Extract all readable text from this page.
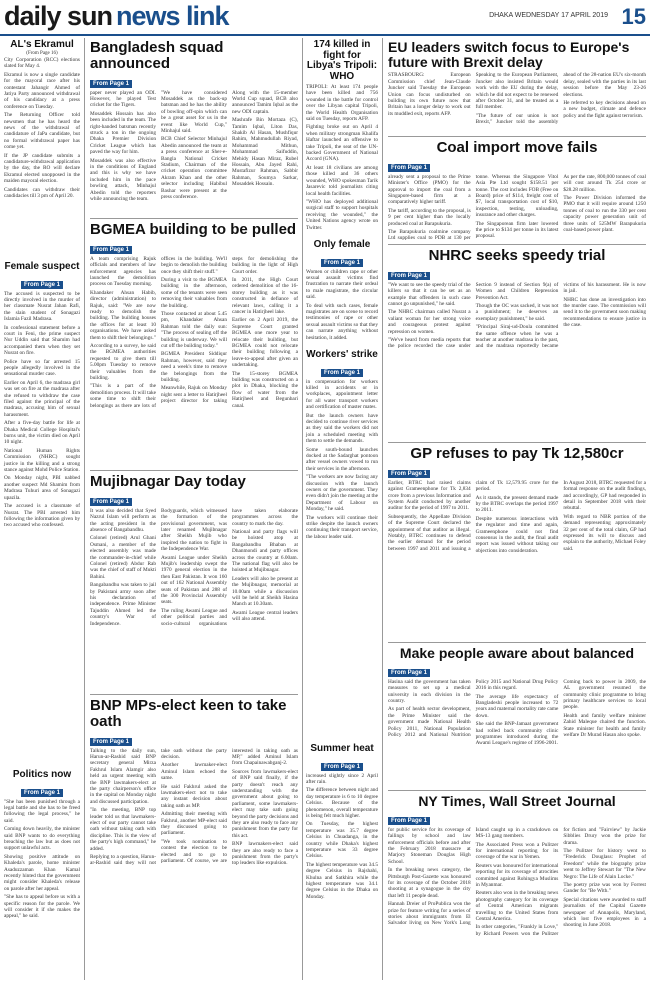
daily sun news link	DHAKA WEDNESDAY 17 APRIL 2019 15
AL's Ekramul
(From Page 16)

City Corporation (RCC) elections slated for May 4.

Ekramul is now a single candidate for the mayoral race after his contestant Jahangir Ahmed of Jatiya Party announced withdrawal of his candidacy at a press conference on Tuesday.

The Returning Officer told newsmen that he has heard the news of the withdrawal of candidature of JaPa candidate, but no formal withdrawal paper has come yet.

If the JP candidate submits a candidature-withdrawal application by the day, the RO will declare Ekramul elected unopposed in the maiden mayoral election.

Candidates can withdraw their candidacies till 3 pm of April 20.

Female suspect
From Page 1

The accused is suspected to be directly involved in the murder of her classmate Nusrat Jahan Rafi, the slain student of Sonagazi Islamia Fazil Madrasa.

In confessional statement before a court in Feni, the prime suspect Nur Uddin said that Shamim had accompanied them when they set Nusrat on fire.

Police have so far arrested 15 people allegedly involved in the sensational murder case.

Earlier on April 6, the madrasa girl was set on fire at the madrasa after she refused to withdraw the case filed against the principal of the madrasa, accusing him of sexual harassment.

After a five-day battle for life at Dhaka Medical College Hospital's burns unit, the victim died on April 10 night.

National Human Rights Commission (NHRC) sought justice in the killing and a strong stance against Mohd Police Station.

On Monday night, PBI nabbed another suspect Md Shamim from Madrasa Tuhuri area of Sonagazi upazila.

The accused is a classmate of Nusrat. The PBI arrested him following the information given by two accused who confessed.

Politics now
From Page 1

"She has been punished through a legal battle and she has to be freed following the legal process," he said.

Coming down heavily, the minister said BNP wants to do everything breaching the law but as does not support unlawful acts.

Showing positive attitude on Khaleda's parole, home minister Asaduzzaman Khan Kamal recently hinted that the government might consider Khaleda's release on parole after her appeal.

"She has to appeal before us with a specific reason for the parole. We will consider it if she makes the appeal," he said.

Bangladesh squad announced
From Page 1

paper never played an ODI. However, he played Test cricket for the Tigers.

Mosaddek Hossain has also been included in the team. The right-handed batsman recently struck a ton in the ongoing Dhaka Premier Division Cricket League which has paved the way for him.

Mosaddek was also effective in the conditions of England and this is why we have included him in the pace bowling attack, Minhajul Abedin told the reporters while announcing the team.

"We have considered Mosaddek as the back-up batsman and he has the ability of bowling off-spin which can be a great asset for us in the event like World Cup," Minhajul said.

BCB Chief Selector Minhajul Abedin announced the team at a press conference at Sher-e-Bangla National Cricket Stadium, Chairman of the cricket operation committee Akram Khan and the other selector including Habibul Bashar were present at the press conference.

Along with the 15-member World Cup squad, BCB also announced Tamim Iqbal as the new ODI captain.

Mashrafe Bin Mortaza (C), Tamim Iqbal, Liton Das, Shakib Al Hasan, Mushfiqur Rahim, Mahmudullah Riyad, Mohammad Mithun, Mohammad Saifuddin, Mehidy Hasan Miraz, Rubel Hossain, Abu Jayed Rahi, Mustafizur Rahman, Sabbir Rahman, Soumya Sarkar, Mosaddek Hossain.

BGMEA building to be pulled
From Page 1

A team comprising Rajuk officials and members of law enforcement agencies has launched the demolition process on Tuesday morning.

Khandaker Ahsan Habib, director (administration) to Rajuk, said: "We are now ready to demolish the building. The building houses the offices for at least 10 organisations. We have asked them to shift their belongings."

According to a survey, he said the BGMEA authorities requested to give them till 5.00pm Tuesday to remove their valuables from the building.

"This is a part of the demolition process. It will take some time to shift their belongings as there are lots of offices in the building. We'll begin to demolish the building once they shift their stuff."

During a visit to the BGMEA building in the afternoon, some of the tenants were seen removing their valuables from the building.

Those contacted at about 5.45 pm, Khandaker Ahsan Rahman told the daily sun: "The process of sealing off the building is underway. We will cut off the building today."

BGMEA President Siddiqur Rahman, however, said they need a week's time to remove the belongings from the building.

Meanwhile, Rajuk on Monday night sent a letter to Hatirjheel project director for taking steps for demolishing the building in the light of High Court order.

In 2011, the High Court ordered demolition of the 16-storey building as it was constructed in defiance of relevant laws, calling it a cancer in Hatirjheel lake.

Earlier on 2 April 2019, the Supreme Court granted BGMEA one more year to relocate their building, but BGMEA could not relocate their building following a leave-to-appeal after given an undertaking.

The 15-storey BGMEA building was constructed on a plot in Dhaka, blocking the flow of water from the Hatirjheel and Begunbari canal.

Mujibnagar Day today
From Page 1

It was also decided that Syed Nazrul Islam will perform as the acting president in the absence of Bangabandhu.

Colonel (retired) Arul Ghani Osmani, a member of the elected assembly was made the commander-in-chief while Colonel (retired) Abdur Rab was the chief of staff of Mukti Bahini.

Bangabandhu was taken to jail by Pakistani army soon after his declaration of independence. Prime Minister Tajuddin Ahmed led the country's War of Independence.

Bodyguards, which witnessed the formation of the provisional government, was later renamed Mujibnagar after Sheikh Mujib who inspired the nation to fight in the Independence War.

Awami League under Sheikh Mujib's leadership swept the 1970 general election in the then East Pakistan. It won 160 out of 162 National Assembly seats of Pakistan and 288 of the 300 Provincial Assembly seats.

The ruling Awami League and other political parties and socio-cultural organisations have taken elaborate programmes across the country to mark the day.

National and party flags will be hoisted atop at Bangabandhu Bhaban at Dhanmondi and party offices across the country at 6.00am. The national flag will also be hoisted at Mujibnagar.

Leaders will also be present at the Mujibnagar, memorial at 10.00am while a discussion will be held at Sheikh Hasina Manch at 10.30am.

Awami League central leaders will also attend.

BNP MPs-elect keen to take oath
From Page 1

Talking to the daily sun, Harun-ar-Rashid said BNP secretary general Mirza Fakhrul Islam Alamgir also held an urgent meeting with the BNP lawmakers-elect at the party chairperson's office in the capital on Monday night and discussed participation.

"In the meeting, BNP top leader told us that lawmakers-elect of our party cannot take oath without taking oath with discipline. This is the view of the party's high command," he added.

Replying to a question, Harun-ar-Rashid said they will not take oath without the party decision.

Another lawmaker-elect Aminul Islam echoed the same.

He said Fakhrul asked the lawmakers-elect not to take any instant decision about taking oath as MP.

Admitting their meeting with Fakhrul, another MP-elect said they discussed going to parliament.

"We took nomination to contest the election to be elected and to go to parliament. Of course, we are interested in taking oath as MP," added Aminul Islam from Chapainawabganj-2.

Sources from lawmakers-elect of BNP said finally, if the party doesn't reach any understanding with the government about going to parliament, some lawmakers-elect may take oath going beyond the party decisions and they are also ready to face any punishment from the party for this act.

BNP lawmakers-elect said they are also ready to face a punishment from the party's top leaders like expulsion.

174 killed in fight for Libya's Tripoli: WHO

TRIPOLI: At least 174 people have been killed and 756 wounded in the battle for control over the Libyan capital Tripoli, the World Health Organisation said on Tuesday, reports AFP.

Fighting broke out on April 4 when military strongman Khalifa Haftar launched an offensive to take Tripoli, the seat of the UN-backed Government of National Accord (GNA).

At least 18 civilians are among those killed and 36 others wounded, WHO spokesman Tarik Jasarevic told journalists citing local health facilities.

"WHO has deployed additional surgical staff to support hospitals receiving the wounded," the United Nations agency wrote on Twitter.

Only female
From Page 1

Women or children rape or other sexual assault victims find frustration to narrate their ordeal to male magistrate, the circular said.

To deal with such cases, female magistrates are on scene to record testimonies of rape or other sexual assault victims so that they can narrate anything without hesitation, it added.

Workers' strike
From Page 1

in compensation for workers killed in accidents or in workplaces, appointment letter for all water transport workers and certification of master mates.

But the launch owners have decided to continue river services as they said the workers did not join a scheduled meeting with them to settle the demands.

Some south-bound launches docked at the Sadarghat pontoon after vessel owners vowed to run their services in the afternoon.

"The workers are now facing any discussion with the launch owners or the government. They even didn't join the meeting at the Department of Labour on Monday," he said.

The workers will continue their strike despite the launch owners continuing their transport service, the labour leader said.

Summer heat
From Page 1

increased slightly since 2 April after rain.

The difference between night and day temperature is 6 to 10 degree Celsius. Because of the phenomenon, overall temperature is being felt much higher.

On Tuesday, the highest temperature was 35.7 degree Celsius in Chuadanga, in the country while Dhaka's highest temperature was 33 degree Celsius.

The highest temperature was 34.5 degree Celsius in Rajshahi, Khulna and Satkhira while the highest temperature was 34.1 degree Celsius in the Dhaka on Monday.

EU leaders switch focus to Europe's future with Brexit delay

STRASBOURG: European Commission chief Jean-Claude Juncker said Tuesday the European Union can focus undisturbed on building its own future now that Britain has a longer delay to work out its muddled exit, reports AFP.

Speaking to the European Parliament, Juncker also insisted Britain would work with the EU during the delay, which he did not expect to be renewed after October 31, and be treated as a full member.

"The future of our union is not Brexit," Juncker told the assembly ahead of the 28-nation EU's six-month delay, sealed with the parties in its last session before the May 23-26 elections.

He referred to key decisions ahead on a new budget, climate and defence policy and the fight against terrorism.

Coal import move fails
From Page 1

already sent a proposal to the Prime Minister's Office (PMO) for the approval to import the coal from a Singapore-based firm at a comparatively higher tariff.

The tariff, according to the proposal, is 9 per cent higher than the locally produced coal at Barapukuria.

The Barapukuria coalmine company Ltd supplies coal to PDB at 130 per tonne. Whereas the Singapore Vitol Asia Pte Ltd sought $158.51 per tonne. The cost includes FOB (Free on Board) price of $114, freight cost of $7, local transportation cost of $10, inspection, testing, unloading, insurance and other charges.

The Singaporean firm later lowered the price to $134 per tonne in its latest proposal.

As per the rate, 800,000 tonnes of coal will cost around Tk 254 crore or $28.28 million.

The Power Division informed the PMO that it will require around 1250 tonnes of coal to run the 330 per cent capacity power generation unit of three units of 525MW Barapukuria coal-based power plant.

NHRC seeks speedy trial
From Page 1

"We want to see the speedy trial of the killers so that it can be set as an example that offenders in such case cannot go unpunished," he said.

The NHRC chairman called Nusrat a valiant woman for her strong voice and courageous protest against repression on women.

"We've heard from media reports that the police recorded the case under Section 9 instead of Section 9(a) of Women and Children Repression Prevention Act.

Though the OC was sacked, it was not a punishment; he deserves an exemplary punishment," he said.

"Principal Siraj-ud-Doula committed the same offence when he was a teacher at another madrasa in the past, and the madrasa reportedly became victims of his harassment. He is now in jail.

NHRC has done an investigation into the murder case. The commission will send it to the government soon making recommendations to ensure justice in the case.

GP refuses to pay Tk 12,580cr
From Page 1

Earlier, BTRC had raised claims against Grameenphone for Tk 2,834 crore from a previous Information and System Audit conducted by another auditor for the period of 1997 to 2011.

Subsequently, the Appellate Division of the Supreme Court declared the appointment of that auditor as illegal. Notably, BTRC continues to defend the earlier demand for the period between 1997 and 2011 and issuing a claim of Tk 12,579.95 crore for the period.

As it stands, the present demand made by the BTRC overlaps the period 1997 to 2011.

Despite numerous interactions with the regulator and time and again, Grameenphone could not find consensus in the audit, the final audit report was issued without taking our objections into consideration.

In August 2018, BTRC requested for a formal response on the audit findings, and accordingly, GP had responded in detail in September 2018 with their rebuttal.

With regard to NBR portion of the demand representing approximately 32 per cent of the total claim, GP had expressed its will to discuss and explain to the authority, Michael Foley said.

Make people aware about balanced
From Page 1

Hasina said the government has taken measures to set up a medical university in each division in the country.

As part of health sector development, the Prime Minister said the government made National Health Policy 2011, National Population Policy 2012 and National Nutrition Policy 2015 and National Drug Policy 2016 in this regard.

The average life expectancy of Bangladeshi people increased to 72 years and maternal mortality rate came down.

She said the BNP-Jamaat government had rolled back community clinic programmes introduced during the Awami League's regime of 1996-2001.

Coming back to power in 2009, the AL government resumed the community clinic programme to bring primary healthcare services to local people.

Health and family welfare minister Zahid Maleque chaired the function. State minister for health and family welfare Dr Murad Hasan also spoke.

NY Times, Wall Street Journal
From Page 1

for public service for its coverage of failings by school and law enforcement officials before and after the February 2018 massacre at Marjory Stoneman Douglas High School.

In the breaking news category, the Pittsburgh Post-Gazette was honoured for its coverage of the October 2018 shooting at a synagogue in the city that left 11 people dead.

Hannah Dreier of ProPublica won the prize for feature writing for a series of stories about immigrants from El Salvador living on New York's Long Island caught up in a crackdown on MS-13 gang members.

The Associated Press won a Pulitzer for international reporting for its coverage of the war in Yemen.

Reuters was honoured for international reporting for its coverage of atrocities committed against Rohingya Muslims in Myanmar.

Reuters also won in the breaking news photography category for its coverage of Central American migrants travelling to the United States from Central America.

In other categories, "Frankly in Love," by Richard Powers won the Pulitzer for fiction and "Fairview" by Jackie Sibblies Drury won the prize for drama.

The Pulitzer for history went to "Frederick Douglass: Prophet of Freedom" while the biography prize went to Jeffrey Stewart for "The New Negro: The Life of Alain Locke."

The poetry prize was won by Forrest Gander for "Be With."

Special citations were awarded to staff journalists of the Capital Gazette newspaper of Annapolis, Maryland, which lost five employees in a shooting in June 2018.
